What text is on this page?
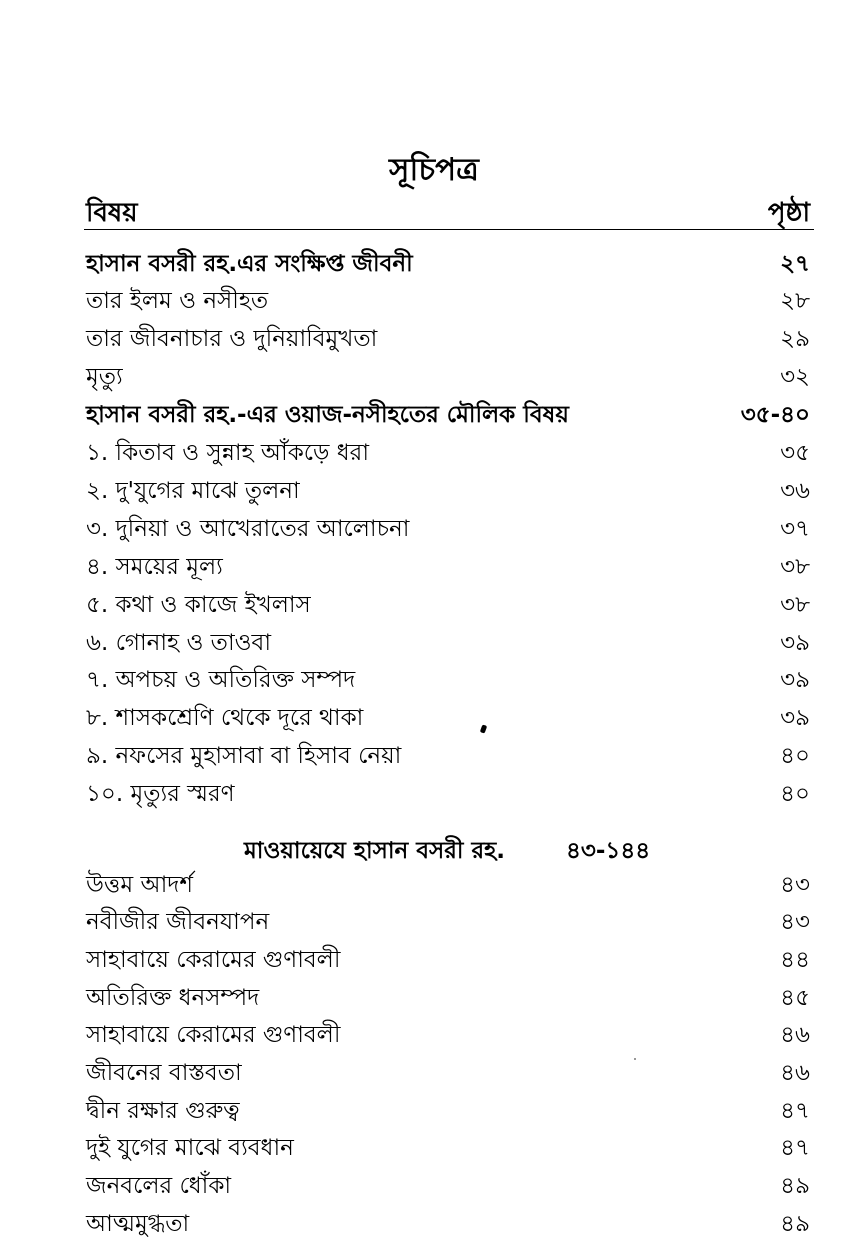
সূচিপত্র
বিষয়	পৃষ্ঠা
হাসান বসরী রহ.এর সংক্ষিপ্ত জীবনী	২৭
তার ইলম ও নসীহত	২৮
তার জীবনাচার ও দুনিয়াবিমুখতা	২৯
মৃত্যু	৩২
হাসান বসরী রহ.-এর ওয়াজ-নসীহতের মৌলিক বিষয়	৩৫-৪০
১. কিতাব ও সুন্নাহ আঁকড়ে ধরা	৩৫
২. দু'যুগের মাঝে তুলনা	৩৬
৩. দুনিয়া ও আখেরাতের আলোচনা	৩৭
৪. সময়ের মূল্য	৩৮
৫. কথা ও কাজে ইখলাস	৩৮
৬. গোনাহ ও তাওবা	৩৯
৭. অপচয় ও অতিরিক্ত সম্পদ	৩৯
৮. শাসকশ্রেণি থেকে দূরে থাকা	৩৯
৯. নফসের মুহাসাবা বা হিসাব নেয়া	৪০
১০. মৃত্যুর স্মরণ	৪০
মাওয়ায়েযে হাসান বসরী রহ.	৪৩-১৪৪
উত্তম আদর্শ	৪৩
নবীজীর জীবনযাপন	৪৩
সাহাবায়ে কেরামের গুণাবলী	৪৪
অতিরিক্ত ধনসম্পদ	৪৫
সাহাবায়ে কেরামের গুণাবলী	৪৬
জীবনের বাস্তবতা	৪৬
দ্বীন রক্ষার গুরুত্ব	৪৭
দুই যুগের মাঝে ব্যবধান	৪৭
জনবলের ধোঁকা	৪৯
আত্মমুগ্ধতা	৪৯
